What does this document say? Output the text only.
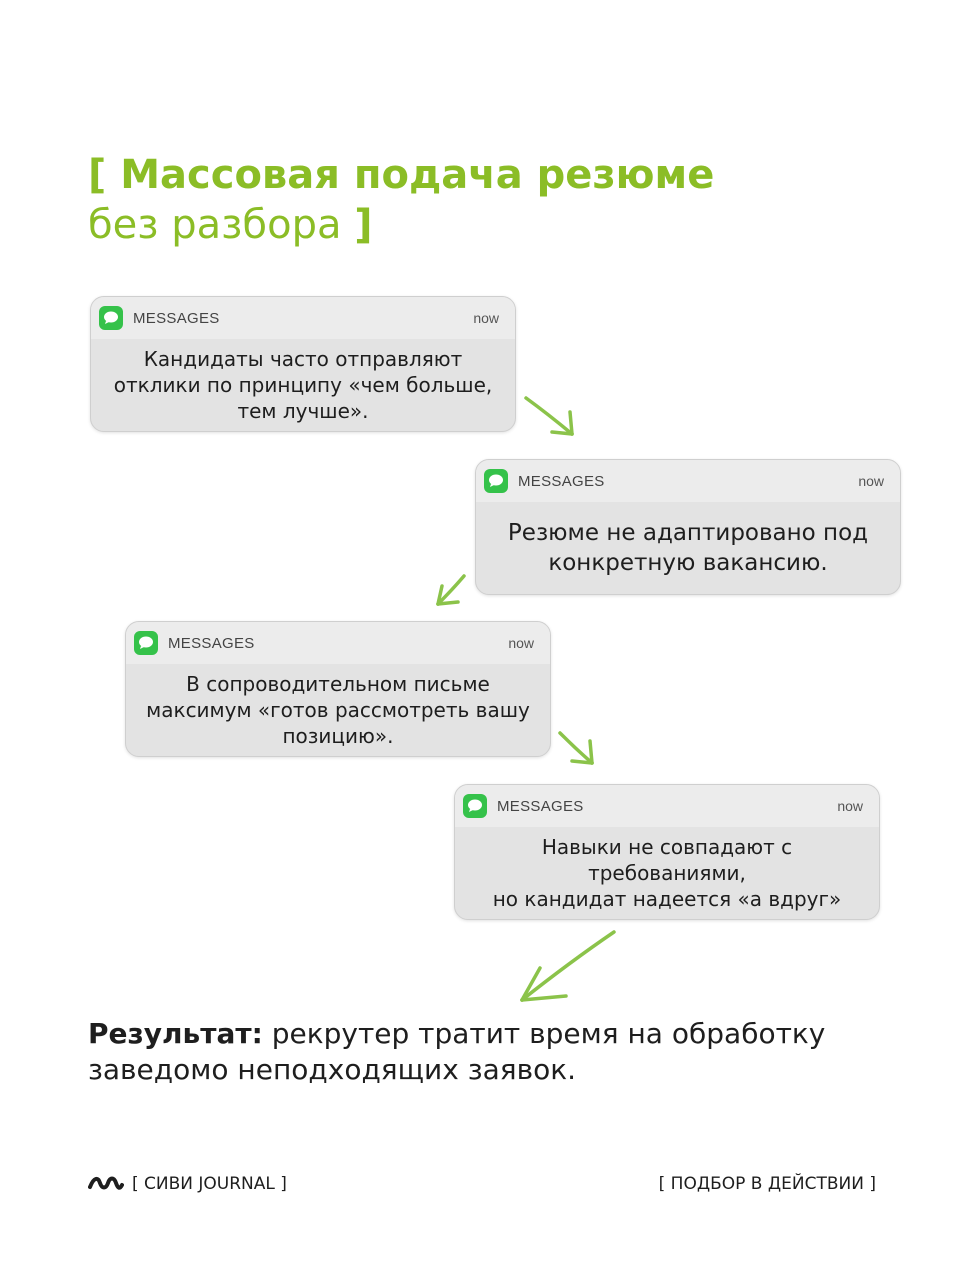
[ Массовая подача резюме
без разбора ]
MESSAGES	now
Кандидаты часто отправляют
отклики по принципу «чем больше,
тем лучше».
MESSAGES	now
Резюме не адаптировано под
конкретную вакансию.
MESSAGES	now
В сопроводительном письме
максимум «готов рассмотреть вашу
позицию».
MESSAGES	now
Навыки не совпадают с
требованиями,
но кандидат надеется «а вдруг»

Результат: рекрутер тратит время на обработку заведомо неподходящих заявок.

[ СИВИ JOURNAL ]	[ ПОДБОР В ДЕЙСТВИИ ]
